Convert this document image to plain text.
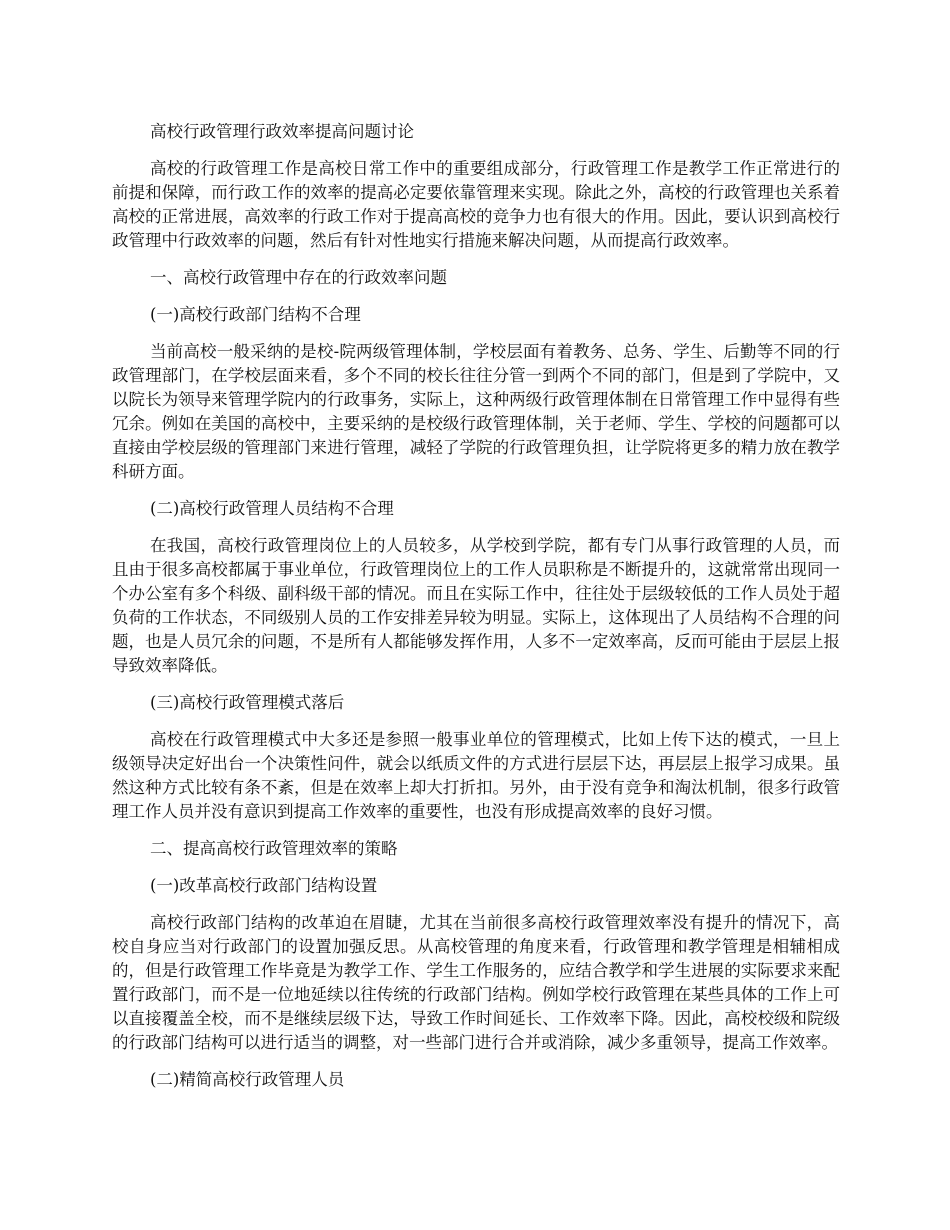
高校行政管理行政效率提高问题讨论

高校的行政管理工作是高校日常工作中的重要组成部分，行政管理工作是教学工作正常进行的前提和保障，而行政工作的效率的提高必定要依靠管理来实现。除此之外，高校的行政管理也关系着高校的正常进展，高效率的行政工作对于提高高校的竞争力也有很大的作用。因此，要认识到高校行政管理中行政效率的问题，然后有针对性地实行措施来解决问题，从而提高行政效率。

一、高校行政管理中存在的行政效率问题

(一)高校行政部门结构不合理

当前高校一般采纳的是校-院两级管理体制，学校层面有着教务、总务、学生、后勤等不同的行政管理部门，在学校层面来看，多个不同的校长往往分管一到两个不同的部门，但是到了学院中，又以院长为领导来管理学院内的行政事务，实际上，这种两级行政管理体制在日常管理工作中显得有些冗余。例如在美国的高校中，主要采纳的是校级行政管理体制，关于老师、学生、学校的问题都可以直接由学校层级的管理部门来进行管理，减轻了学院的行政管理负担，让学院将更多的精力放在教学科研方面。

(二)高校行政管理人员结构不合理

在我国，高校行政管理岗位上的人员较多，从学校到学院，都有专门从事行政管理的人员，而且由于很多高校都属于事业单位，行政管理岗位上的工作人员职称是不断提升的，这就常常出现同一个办公室有多个科级、副科级干部的情况。而且在实际工作中，往往处于层级较低的工作人员处于超负荷的工作状态，不同级别人员的工作安排差异较为明显。实际上，这体现出了人员结构不合理的问题，也是人员冗余的问题，不是所有人都能够发挥作用，人多不一定效率高，反而可能由于层层上报导致效率降低。

(三)高校行政管理模式落后

高校在行政管理模式中大多还是参照一般事业单位的管理模式，比如上传下达的模式，一旦上级领导决定好出台一个决策性问件，就会以纸质文件的方式进行层层下达，再层层上报学习成果。虽然这种方式比较有条不紊，但是在效率上却大打折扣。另外，由于没有竞争和淘汰机制，很多行政管理工作人员并没有意识到提高工作效率的重要性，也没有形成提高效率的良好习惯。

二、提高高校行政管理效率的策略

(一)改革高校行政部门结构设置

高校行政部门结构的改革迫在眉睫，尤其在当前很多高校行政管理效率没有提升的情况下，高校自身应当对行政部门的设置加强反思。从高校管理的角度来看，行政管理和教学管理是相辅相成的，但是行政管理工作毕竟是为教学工作、学生工作服务的，应结合教学和学生进展的实际要求来配置行政部门，而不是一位地延续以往传统的行政部门结构。例如学校行政管理在某些具体的工作上可以直接覆盖全校，而不是继续层级下达，导致工作时间延长、工作效率下降。因此，高校校级和院级的行政部门结构可以进行适当的调整，对一些部门进行合并或消除，减少多重领导，提高工作效率。

(二)精简高校行政管理人员
